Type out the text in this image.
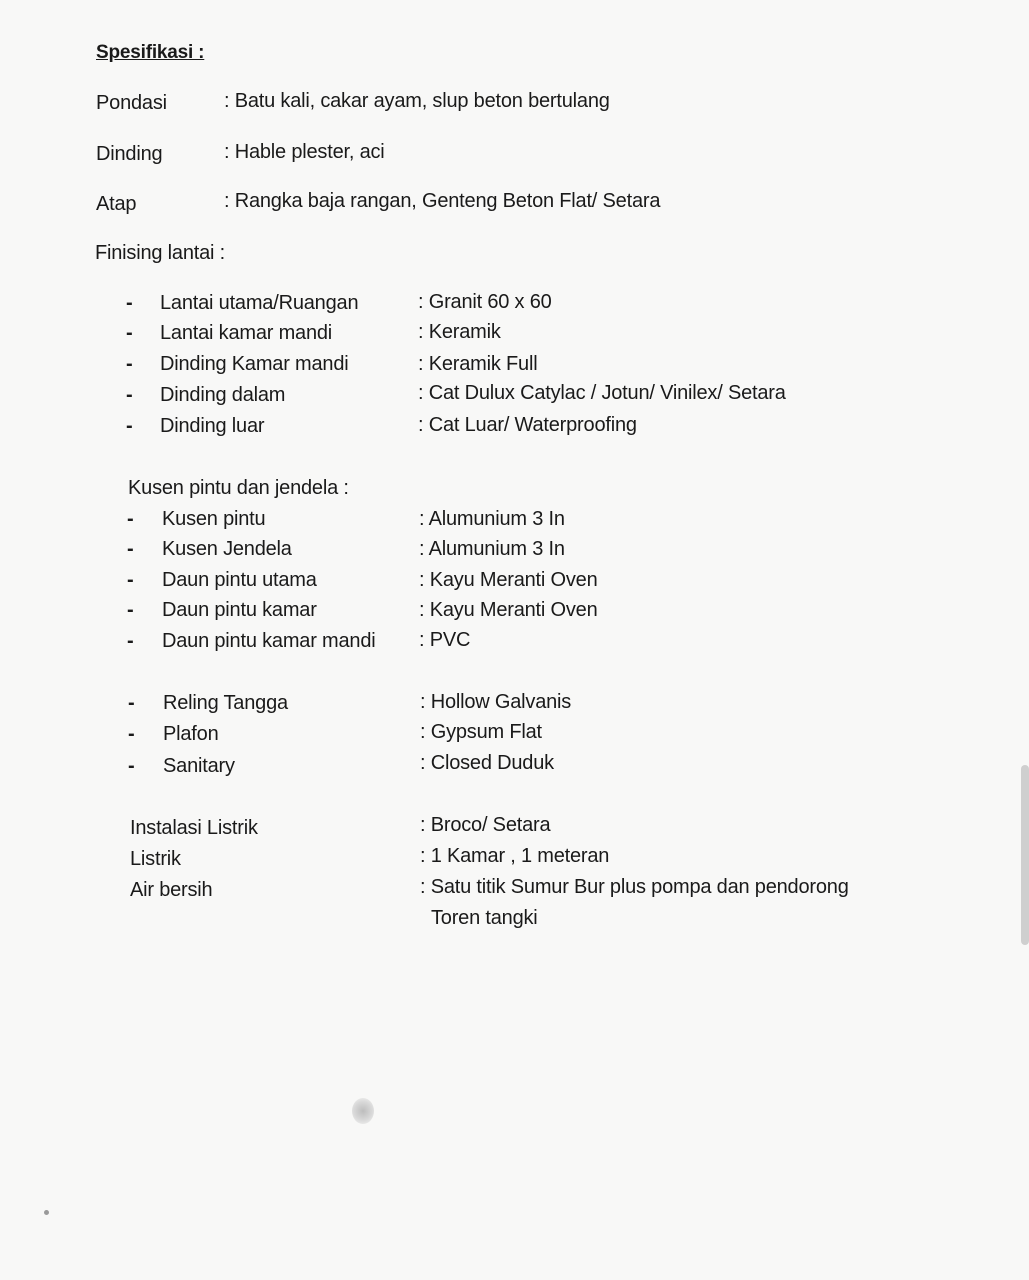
Spesifikasi :
Pondasi	: Batu kali, cakar ayam, slup beton bertulang
Dinding	: Hable plester, aci
Atap	: Rangka baja rangan, Genteng Beton Flat/ Setara
Finising lantai :
- Lantai utama/Ruangan	: Granit 60 x 60
- Lantai kamar mandi	: Keramik
- Dinding Kamar mandi	: Keramik Full
- Dinding dalam	: Cat Dulux Catylac / Jotun/ Vinilex/ Setara
- Dinding luar	: Cat Luar/ Waterproofing
Kusen pintu dan jendela :
- Kusen pintu	: Alumunium 3 In
- Kusen Jendela	: Alumunium 3 In
- Daun pintu utama	: Kayu Meranti Oven
- Daun pintu kamar	: Kayu Meranti Oven
- Daun pintu kamar mandi : PVC
- Reling Tangga	: Hollow Galvanis
- Plafon	: Gypsum Flat
- Sanitary	: Closed Duduk
Instalasi Listrik	: Broco/ Setara
Listrik	: 1 Kamar , 1 meteran
Air bersih	: Satu titik Sumur Bur plus pompa dan pendorong
Toren tangki
